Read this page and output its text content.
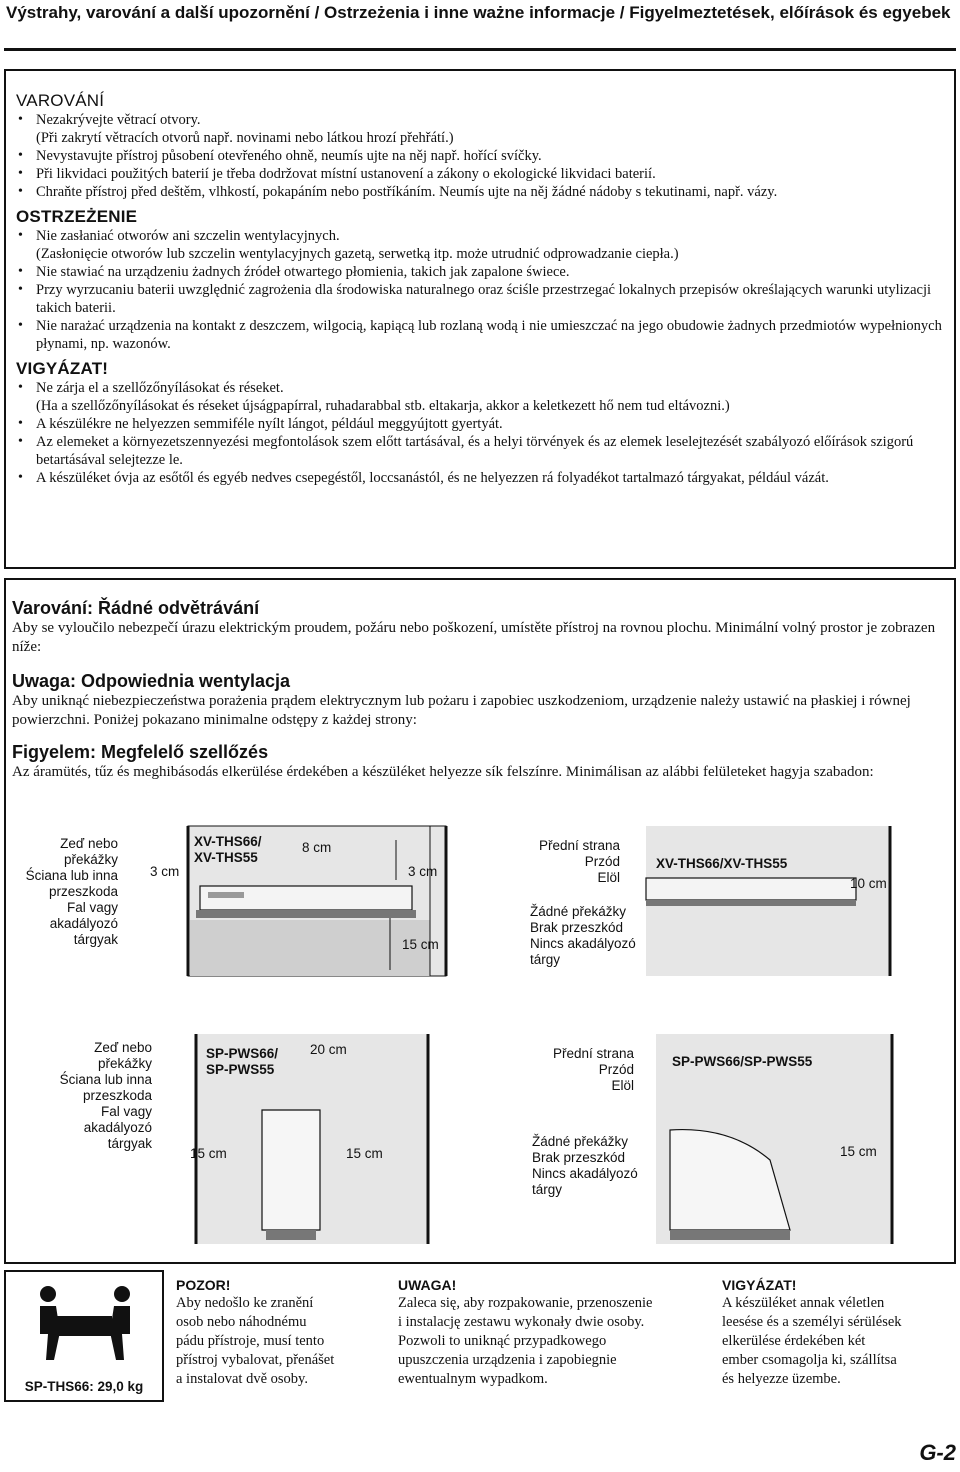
Výstrahy, varování a další upozornění / Ostrzeżenia i inne ważne informacje / Figyelmeztetések, előírások és egyebek
VAROVÁNÍ
• Nezakrývejte větrací otvory.
(Při zakrytí větracích otvorů např. novinami nebo látkou hrozí přehřátí.)
• Nevystavujte přístroj působení otevřeného ohně, neumís ujte na něj např. hořící svíčky.
• Při likvidaci použitých baterií je třeba dodržovat místní ustanovení a zákony o ekologické likvidaci baterií.
• Chraňte přístroj před deštěm, vlhkostí, pokapáním nebo postříkáním. Neumís ujte na něj žádné nádoby s tekutinami, např. vázy.
OSTRZEŻENIE
• Nie zasłaniać otworów ani szczelin wentylacyjnych.
(Zasłonięcie otworów lub szczelin wentylacyjnych gazetą, serwetką itp. może utrudnić odprowadzanie ciepła.)
• Nie stawiać na urządzeniu żadnych źródeł otwartego płomienia, takich jak zapalone świece.
• Przy wyrzucaniu baterii uwzględnić zagrożenia dla środowiska naturalnego oraz ściśle przestrzegać lokalnych przepisów określających warunki utylizacji takich baterii.
• Nie narażać urządzenia na kontakt z deszczem, wilgocią, kapiącą lub rozlaną wodą i nie umieszczać na jego obudowie żadnych przedmiotów wypełnionych płynami, np. wazonów.
VIGYÁZAT!
• Ne zárja el a szellőzőnyílásokat és réseket.
(Ha a szellőzőnyílásokat és réseket újságpapírral, ruhadarabbal stb. eltakarja, akkor a keletkezett hő nem tud eltávozni.)
• A készülékre ne helyezzen semmiféle nyílt lángot, például meggyújtott gyertyát.
• Az elemeket a környezetszennyezési megfontolások szem előtt tartásával, és a helyi törvények és az elemek leselejtezését szabályozó előírások szigorú betartásával selejtezze le.
• A készüléket óvja az esőtől és egyéb nedves csepegéstől, loccsanástól, és ne helyezzen rá folyadékot tartalmazó tárgyakat, például vázát.
Varování: Řádné odvětrávání

Aby se vyloučilo nebezpečí úrazu elektrickým proudem, požáru nebo poškození, umístěte přístroj na rovnou plochu. Minimální volný prostor je zobrazen níže:

Uwaga: Odpowiednia wentylacja

Aby uniknąć niebezpieczeństwa porażenia prądem elektrycznym lub pożaru i zapobiec uszkodzeniom, urządzenie należy ustawić na płaskiej i równej powierzchni. Poniżej pokazano minimalne odstępy z każdej strony:

Figyelem: Megfelelő szellőzés

Az áramütés, tűz és meghibásodás elkerülése érdekében a készüléket helyezze sík felszínre. Minimálisan az alábbi felületeket hagyja szabadon:

Zeď nebo
překážky
Ściana lub inna
przeszkoda
Fal vagy
akadályozó
tárgyak
XV-THS66/
XV-THS55
8 cm
3 cm	3 cm
15 cm
Přední strana
Przód
Elöl
XV-THS66/XV-THS55
10 cm
Žádné překážky
Brak przeszkód
Nincs akadályozó
tárgy
Zeď nebo
překážky
Ściana lub inna
przeszkoda
Fal vagy
akadályozó
tárgyak
SP-PWS66/
SP-PWS55
20 cm
15 cm	15 cm
Přední strana
Przód
Elöl
SP-PWS66/SP-PWS55
15 cm
Žádné překážky
Brak przeszkód
Nincs akadályozó
tárgy
SP-THS66: 29,0 kg
POZOR!
Aby nedošlo ke zranění
osob nebo náhodnému
pádu přístroje, musí tento
přístroj vybalovat, přenášet
a instalovat dvě osoby.
UWAGA!
Zaleca się, aby rozpakowanie, przenoszenie
i instalację zestawu wykonały dwie osoby.
Pozwoli to uniknąć przypadkowego
upuszczenia urządzenia i zapobiegnie
ewentualnym wypadkom.
VIGYÁZAT!
A készüléket annak véletlen
leesése és a személyi sérülések
elkerülése érdekében két
ember csomagolja ki, szállítsa
és helyezze üzembe.
G-2
